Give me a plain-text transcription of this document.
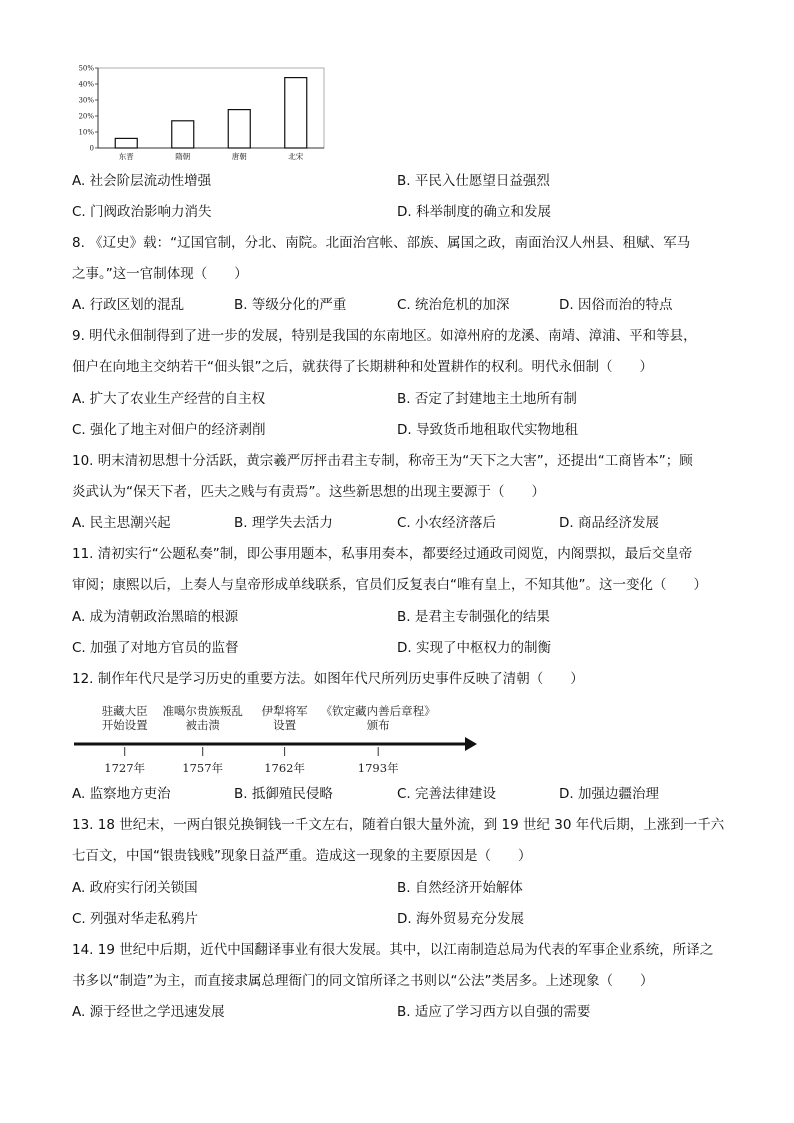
0
10%
20%
30%
40%
50%
东晋	隋朝	唐朝	北宋
A. 社会阶层流动性增强	B. 平民入仕愿望日益强烈
C. 门阀政治影响力消失	D. 科举制度的确立和发展
8. 《辽史》载：“辽国官制，分北、南院。北面治宫帐、部族、属国之政，南面治汉人州县、租赋、军马
之事。”这一官制体现（　　）
A. 行政区划的混乱	B. 等级分化的严重	C. 统治危机的加深	D. 因俗而治的特点
9. 明代永佃制得到了进一步的发展，特别是我国的东南地区。如漳州府的龙溪、南靖、漳浦、平和等县，
佃户在向地主交纳若干“佃头银”之后，就获得了长期耕种和处置耕作的权利。明代永佃制（　　）
A. 扩大了农业生产经营的自主权	B. 否定了封建地主土地所有制
C. 强化了地主对佃户的经济剥削	D. 导致货币地租取代实物地租
10. 明末清初思想十分活跃，黄宗羲严厉抨击君主专制，称帝王为“天下之大害”，还提出“工商皆本”；顾
炎武认为“保天下者，匹夫之贱与有责焉”。这些新思想的出现主要源于（　　）
A. 民主思潮兴起	B. 理学失去活力	C. 小农经济落后	D. 商品经济发展
11. 清初实行“公题私奏”制，即公事用题本，私事用奏本，都要经过通政司阅览，内阁票拟，最后交皇帝
审阅；康熙以后，上奏人与皇帝形成单线联系，官员们反复表白“唯有皇上，不知其他”。这一变化（　　）
A. 成为清朝政治黑暗的根源	B. 是君主专制强化的结果
C. 加强了对地方官员的监督	D. 实现了中枢权力的制衡
12. 制作年代尺是学习历史的重要方法。如图年代尺所列历史事件反映了清朝（　　）
驻藏大臣
开始设置
1727年
准噶尔贵族叛乱
被击溃
1757年
伊犁将军
设置
1762年
《钦定藏内善后章程》
颁布
1793年
A. 监察地方吏治	B. 抵御殖民侵略	C. 完善法律建设	D. 加强边疆治理
13. 18 世纪末，一两白银兑换铜钱一千文左右，随着白银大量外流，到 19 世纪 30 年代后期，上涨到一千六
七百文，中国“银贵钱贱”现象日益严重。造成这一现象的主要原因是（　　）
A. 政府实行闭关锁国	B. 自然经济开始解体
C. 列强对华走私鸦片	D. 海外贸易充分发展
14. 19 世纪中后期，近代中国翻译事业有很大发展。其中，以江南制造总局为代表的军事企业系统，所译之
书多以“制造”为主，而直接隶属总理衙门的同文馆所译之书则以“公法”类居多。上述现象（　　）
A. 源于经世之学迅速发展	B. 适应了学习西方以自强的需要
